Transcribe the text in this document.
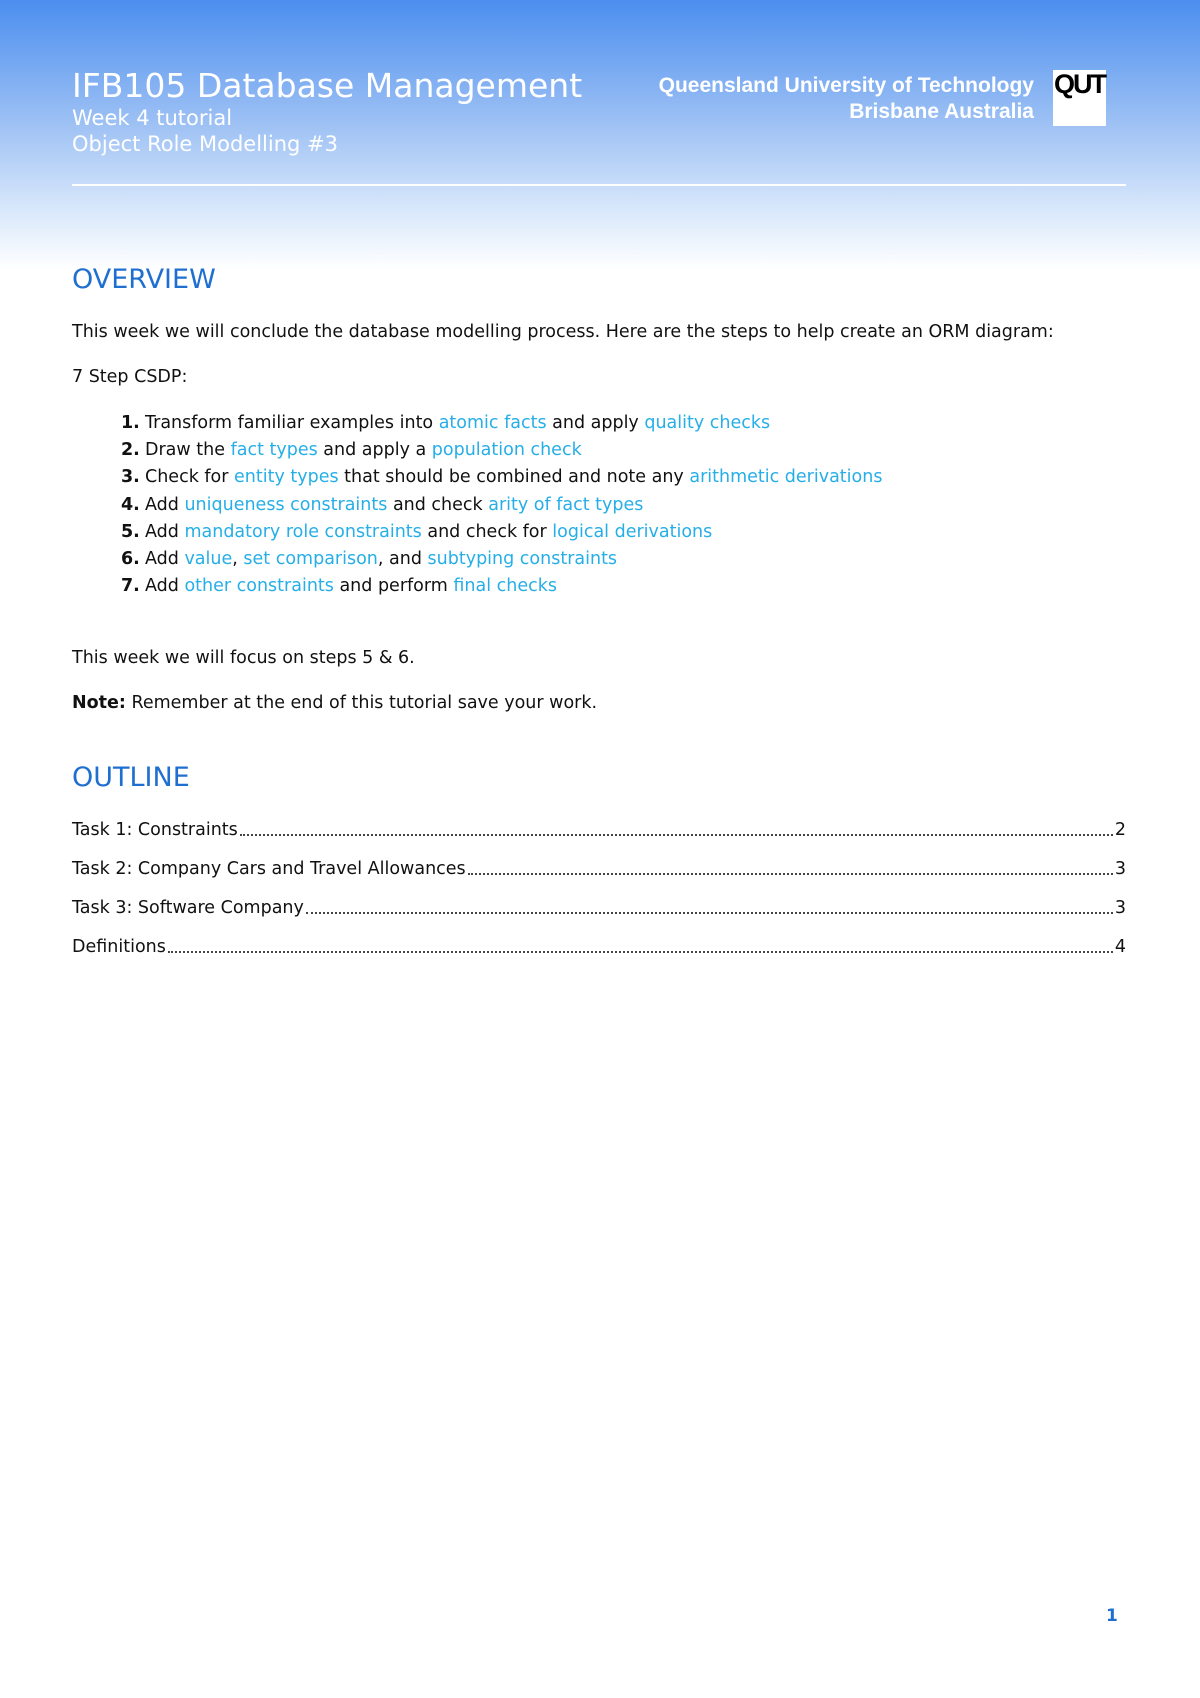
IFB105 Database Management
Week 4 tutorial
Object Role Modelling #3
Queensland University of Technology
Brisbane Australia
QUT
OVERVIEW
This week we will conclude the database modelling process. Here are the steps to help create an ORM diagram:
7 Step CSDP:
1. Transform familiar examples into atomic facts and apply quality checks
2. Draw the fact types and apply a population check
3. Check for entity types that should be combined and note any arithmetic derivations
4. Add uniqueness constraints and check arity of fact types
5. Add mandatory role constraints and check for logical derivations
6. Add value, set comparison, and subtyping constraints
7. Add other constraints and perform final checks
This week we will focus on steps 5 & 6.
Note: Remember at the end of this tutorial save your work.
OUTLINE
Task 1: Constraints	2
Task 2: Company Cars and Travel Allowances	3
Task 3: Software Company	3
Definitions	4
1
